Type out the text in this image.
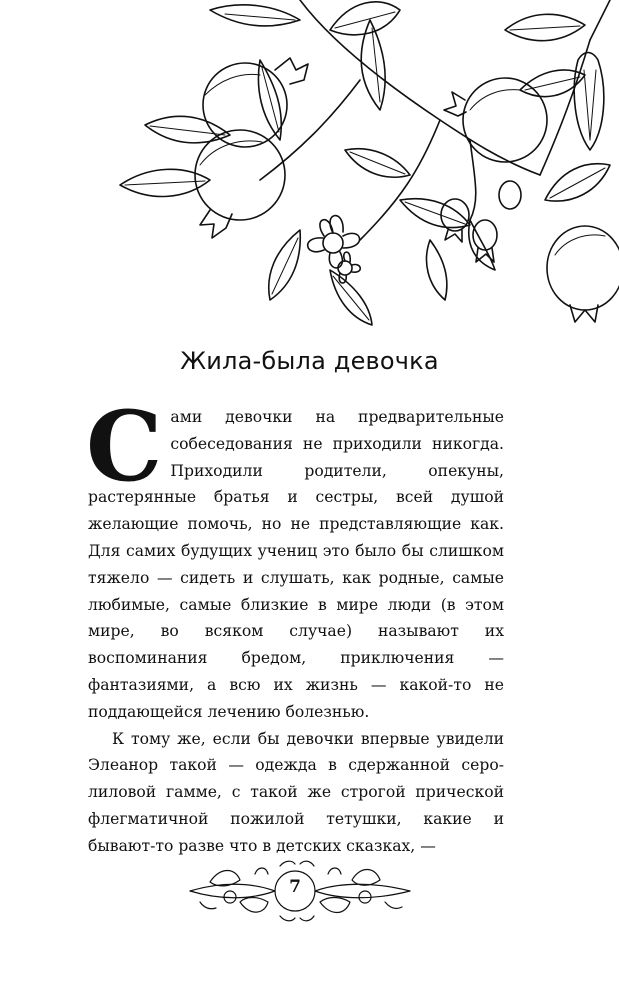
Жила-была девочка

Сами девочки на предварительные собеседования не приходили никогда. Приходили родители, опекуны, растерянные братья и сестры, всей душой желающие помочь, но не представляющие как. Для самих будущих учениц это было бы слишком тяжело — сидеть и слушать, как родные, самые любимые, самые близкие в мире люди (в этом мире, во всяком случае) называют их воспоминания бредом, приключения — фантазиями, а всю их жизнь — какой-то не поддающейся лечению болезнью.

К тому же, если бы девочки впервые увидели Элеанор такой — одежда в сдержанной серо-лиловой гамме, с такой же строгой прической флегматичной пожилой тетушки, какие и бывают-то разве что в детских сказках, —

7
